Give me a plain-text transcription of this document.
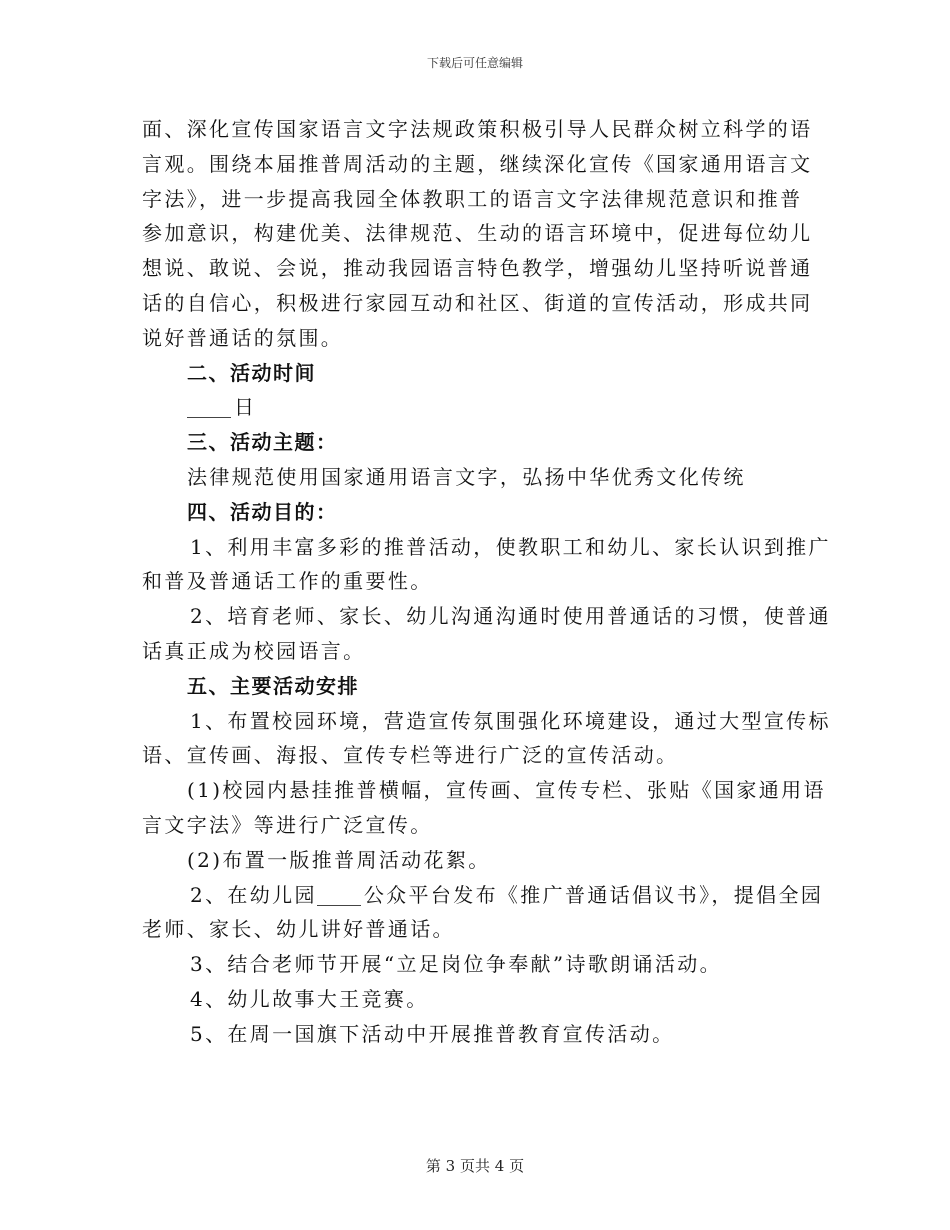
下载后可任意编辑
面、深化宣传国家语言文字法规政策积极引导人民群众树立科学的语
言观。围绕本届推普周活动的主题，继续深化宣传《国家通用语言文
字法》，进一步提高我园全体教职工的语言文字法律规范意识和推普
参加意识，构建优美、法律规范、生动的语言环境中，促进每位幼儿
想说、敢说、会说，推动我园语言特色教学，增强幼儿坚持听说普通
话的自信心，积极进行家园互动和社区、街道的宣传活动，形成共同
说好普通话的氛围。
二、活动时间
日
三、活动主题：
法律规范使用国家通用语言文字，弘扬中华优秀文化传统
四、活动目的：
1、利用丰富多彩的推普活动，使教职工和幼儿、家长认识到推广
和普及普通话工作的重要性。
2、培育老师、家长、幼儿沟通沟通时使用普通话的习惯，使普通
话真正成为校园语言。
五、主要活动安排
1、布置校园环境，营造宣传氛围强化环境建设，通过大型宣传标
语、宣传画、海报、宣传专栏等进行广泛的宣传活动。
(1)校园内悬挂推普横幅，宣传画、宣传专栏、张贴《国家通用语
言文字法》等进行广泛宣传。
(2)布置一版推普周活动花絮。
2、在幼儿园 公众平台发布《推广普通话倡议书》，提倡全园
老师、家长、幼儿讲好普通话。
3、结合老师节开展“立足岗位争奉献”诗歌朗诵活动。
4、幼儿故事大王竞赛。
5、在周一国旗下活动中开展推普教育宣传活动。
第 3 页共 4 页
